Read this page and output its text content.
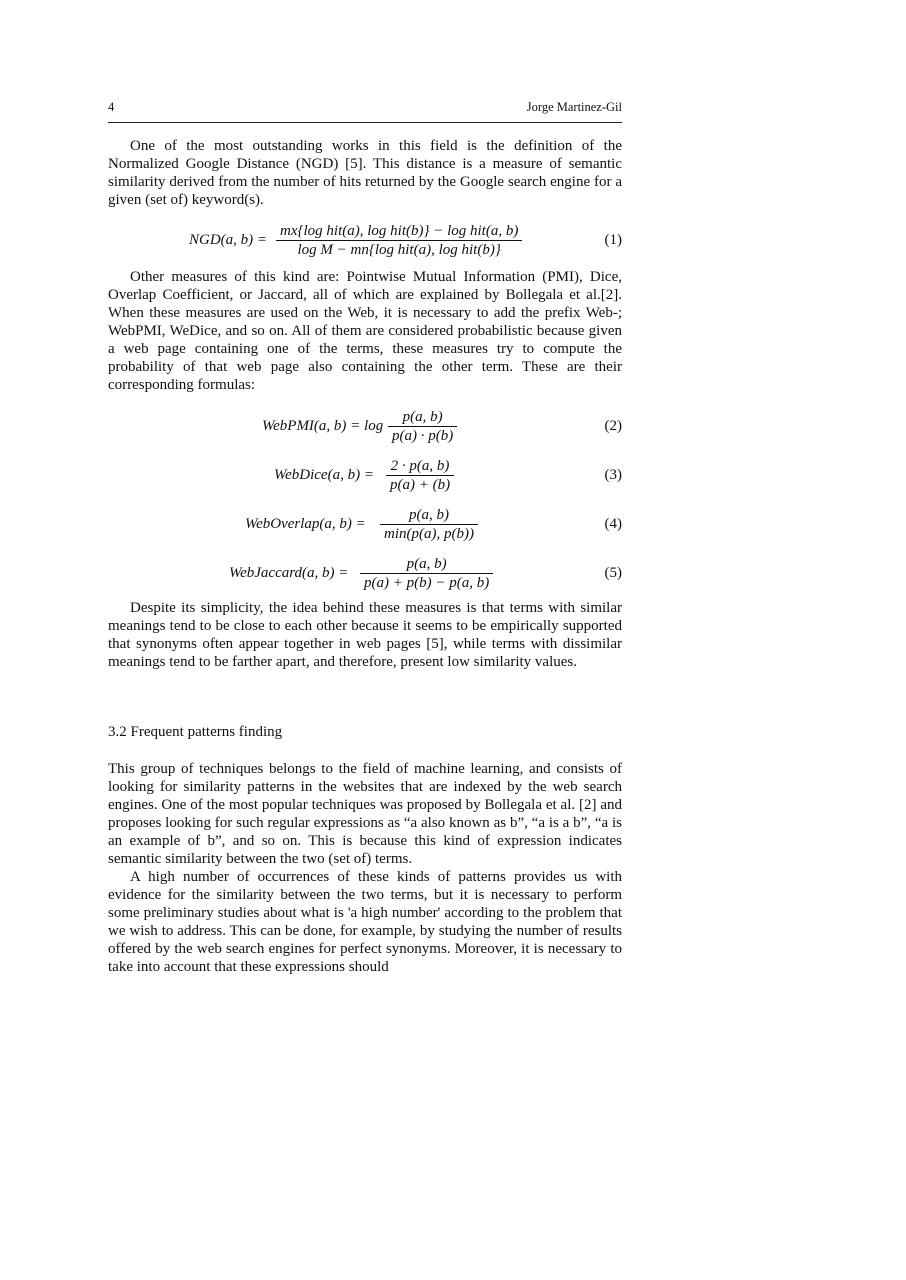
4	Jorge Martinez-Gil
One of the most outstanding works in this field is the definition of the Normalized Google Distance (NGD) [5]. This distance is a measure of semantic similarity derived from the number of hits returned by the Google search engine for a given (set of) keyword(s).
NGD(a, b) =
mx{log hit(a), log hit(b)} − log hit(a, b)
log M − mn{log hit(a), log hit(b)}
(1)
Other measures of this kind are: Pointwise Mutual Information (PMI), Dice, Overlap Coefficient, or Jaccard, all of which are explained by Bollegala et al.[2]. When these measures are used on the Web, it is necessary to add the prefix Web-; WebPMI, WeDice, and so on. All of them are considered probabilistic because given a web page containing one of the terms, these measures try to compute the probability of that web page also containing the other term. These are their corresponding formulas:
WebPMI(a, $b) = \log \frac{p(a, b)}{p(a) \cdot p(b)}$	(2)
WebDice(a, $b) = \frac{2 \cdot p(a, b)}{p(a) + (b)}$	(3)
WebOverlap(a, b) =
p(a, b)
min(p(a), p(b))
(4)
WebJaccard(a, $b) = \frac{p(a, b)}{p(a) + p(b) - p(a, b)}$	(5)
Despite its simplicity, the idea behind these measures is that terms with similar meanings tend to be close to each other because it seems to be empirically supported that synonyms often appear together in web pages [5], while terms with dissimilar meanings tend to be farther apart, and therefore, present low similarity values.
3.2 Frequent patterns finding
This group of techniques belongs to the field of machine learning, and consists of looking for similarity patterns in the websites that are indexed by the web search engines. One of the most popular techniques was proposed by Bollegala et al. [2] and proposes looking for such regular expressions as “a also known as b”, “a is a b”, “a is an example of b”, and so on. This is because this kind of expression indicates semantic similarity between the two (set of) terms.
A high number of occurrences of these kinds of patterns provides us with evidence for the similarity between the two terms, but it is necessary to perform some preliminary studies about what is 'a high number' according to the problem that we wish to address. This can be done, for example, by studying the number of results offered by the web search engines for perfect synonyms. Moreover, it is necessary to take into account that these expressions should
